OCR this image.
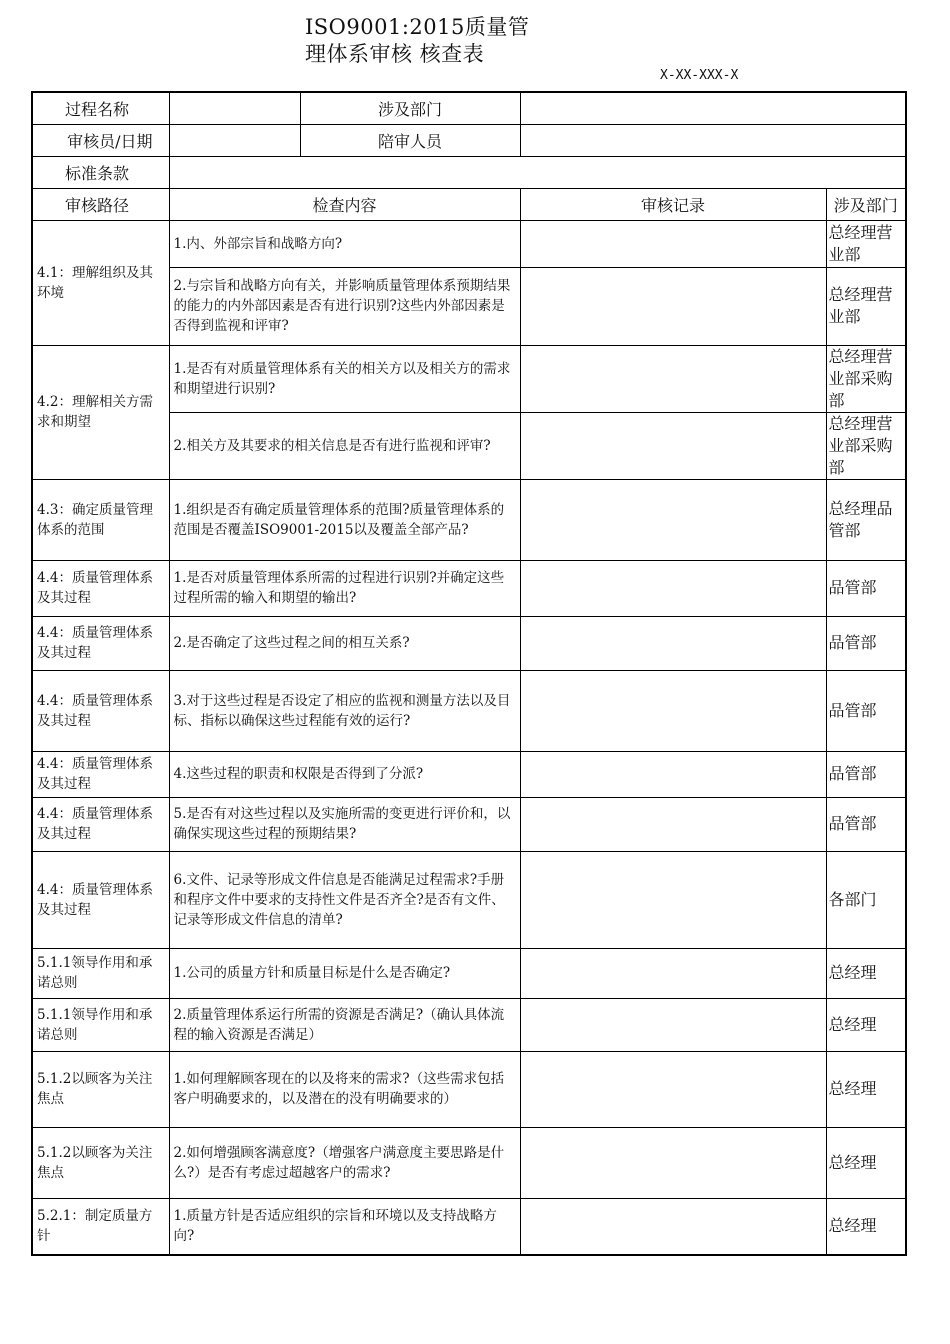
ISO9001:2015质量管
理体系审核 核查表
X-XX-XXX-X
过程名称		涉及部门		
审核员/日期		陪审人员		
标准条款				
审核路径	检查内容		审核记录	涉及部门
4.1：理解组织及其环境	1.内、外部宗旨和战略方向?			总经理营业部
	2.与宗旨和战略方向有关，并影响质量管理体系预期结果的能力的内外部因素是否有进行识别?这些内外部因素是否得到监视和评审?			总经理营业部
4.2：理解相关方需求和期望	1.是否有对质量管理体系有关的相关方以及相关方的需求和期望进行识别?			总经理营业部采购部
	2.相关方及其要求的相关信息是否有进行监视和评审?			总经理营业部采购部
4.3：确定质量管理体系的范围	1.组织是否有确定质量管理体系的范围?质量管理体系的范围是否覆盖ISO9001-2015以及覆盖全部产品?			总经理品管部
4.4：质量管理体系及其过程	1.是否对质量管理体系所需的过程进行识别?并确定这些过程所需的输入和期望的输出?			品管部
4.4：质量管理体系及其过程	2.是否确定了这些过程之间的相互关系?			品管部
4.4：质量管理体系及其过程	3.对于这些过程是否设定了相应的监视和测量方法以及目标、指标以确保这些过程能有效的运行?			品管部
4.4：质量管理体系及其过程	4.这些过程的职责和权限是否得到了分派?			品管部
4.4：质量管理体系及其过程	5.是否有对这些过程以及实施所需的变更进行评价和，以确保实现这些过程的预期结果?			品管部
4.4：质量管理体系及其过程	6.文件、记录等形成文件信息是否能满足过程需求?手册和程序文件中要求的支持性文件是否齐全?是否有文件、记录等形成文件信息的清单?			各部门
5.1.1领导作用和承诺总则	1.公司的质量方针和质量目标是什么是否确定?			总经理
5.1.1领导作用和承诺总则	2.质量管理体系运行所需的资源是否满足?（确认具体流程的输入资源是否满足）			总经理
5.1.2以顾客为关注焦点	1.如何理解顾客现在的以及将来的需求?（这些需求包括客户明确要求的，以及潜在的没有明确要求的）			总经理
5.1.2以顾客为关注焦点	2.如何增强顾客满意度?（增强客户满意度主要思路是什么?）是否有考虑过超越客户的需求?			总经理
5.2.1：制定质量方针	1.质量方针是否适应组织的宗旨和环境以及支持战略方向?			总经理
